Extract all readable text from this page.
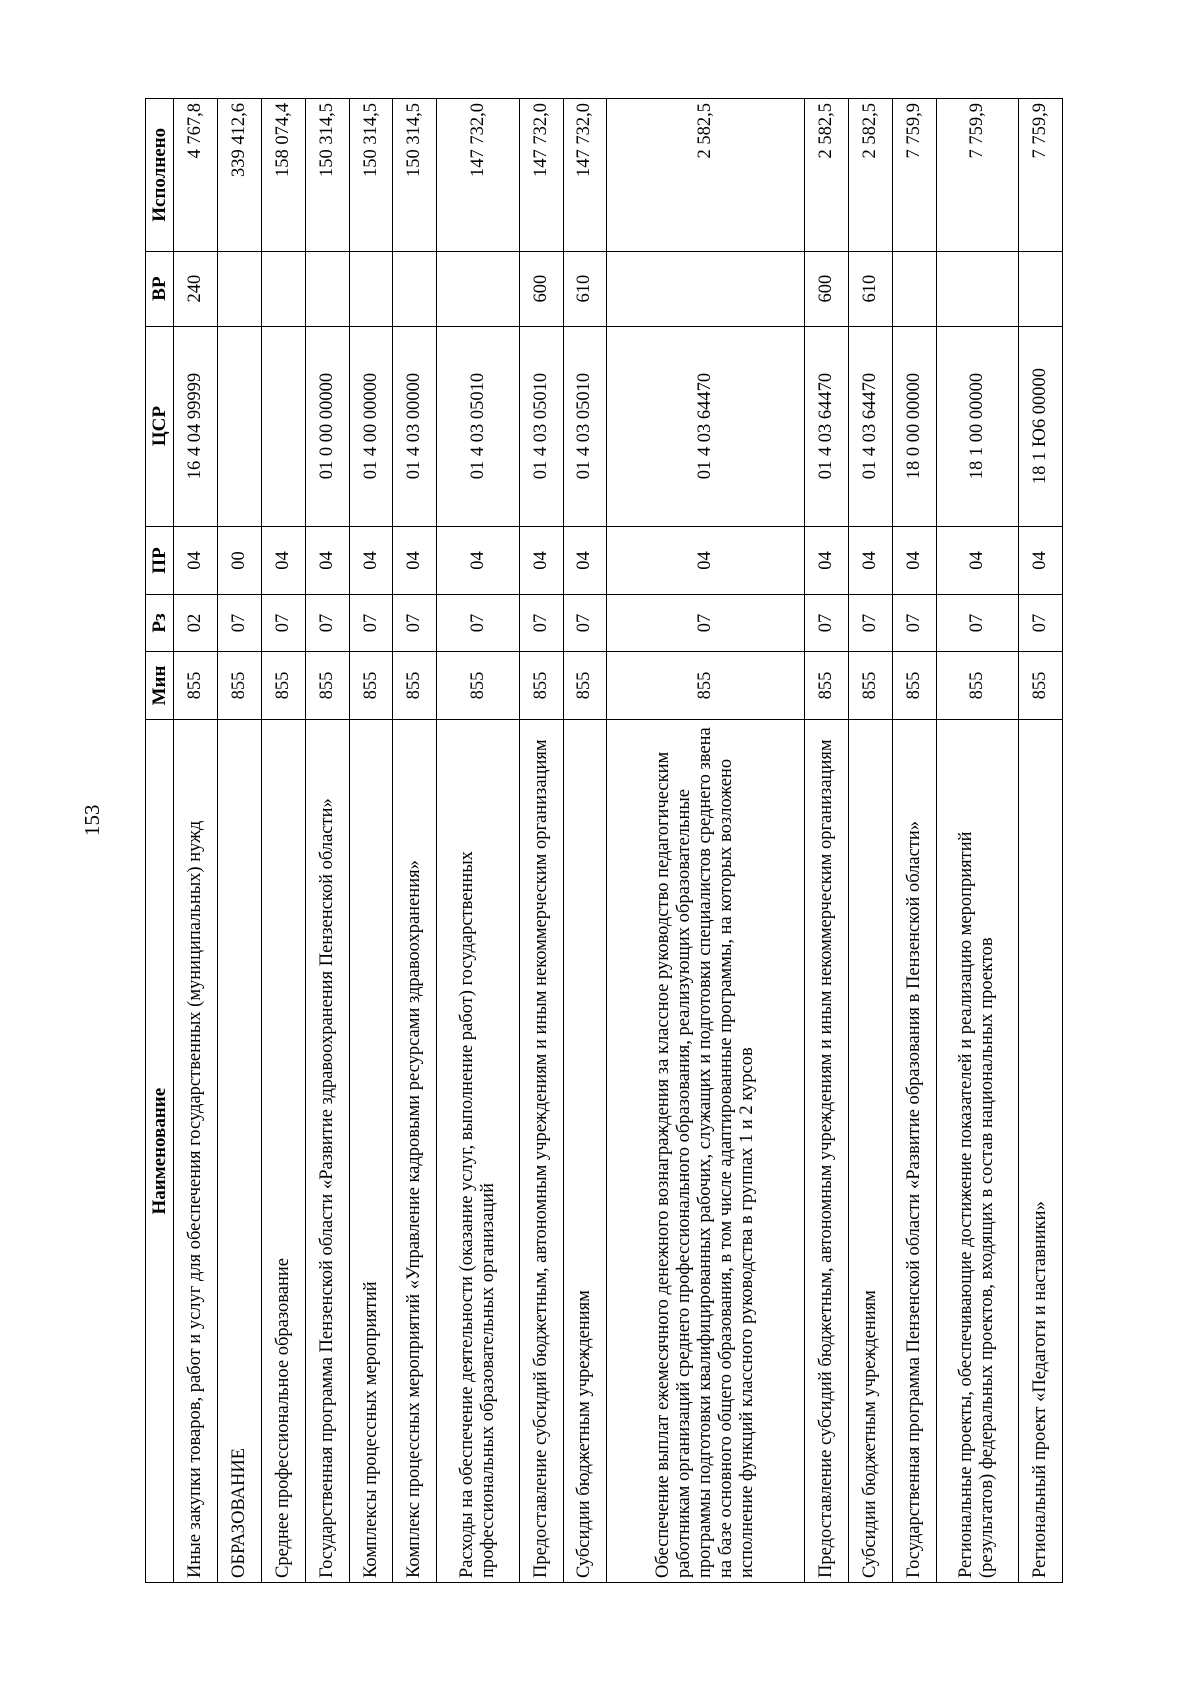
153
Наименование	Мин	Рз	ПР	ЦСР	ВР	Исполнено
Иные закупки товаров, работ и услуг для обеспечения государственных (муниципальных) нужд	855	02	04	16 4 04 99999	240	4 767,8
ОБРАЗОВАНИЕ	855	07	00			339 412,6
Среднее профессиональное образование	855	07	04			158 074,4
Государственная программа Пензенской области «Развитие здравоохранения Пензенской области»	855	07	04	01 0 00 00000		150 314,5
Комплексы процессных мероприятий	855	07	04	01 4 00 00000		150 314,5
Комплекс процессных мероприятий «Управление кадровыми ресурсами здравоохранения»	855	07	04	01 4 03 00000		150 314,5
Расходы на обеспечение деятельности (оказание услуг, выполнение работ) государственных профессиональных образовательных организаций	855	07	04	01 4 03 05010		147 732,0
Предоставление субсидий бюджетным, автономным учреждениям и иным некоммерческим организациям	855	07	04	01 4 03 05010	600	147 732,0
Субсидии бюджетным учреждениям	855	07	04	01 4 03 05010	610	147 732,0
Обеспечение выплат ежемесячного денежного вознаграждения за классное руководство педагогическим работникам организаций среднего профессионального образования, реализующих образовательные программы подготовки квалифицированных рабочих, служащих и подготовки специалистов среднего звена на базе основного общего образования, в том числе адаптированные программы, на которых возложено исполнение функций классного руководства в группах 1 и 2 курсов	855	07	04	01 4 03 64470		2 582,5
Предоставление субсидий бюджетным, автономным учреждениям и иным некоммерческим организациям	855	07	04	01 4 03 64470	600	2 582,5
Субсидии бюджетным учреждениям	855	07	04	01 4 03 64470	610	2 582,5
Государственная программа Пензенской области «Развитие образования в Пензенской области»	855	07	04	18 0 00 00000		7 759,9
Региональные проекты, обеспечивающие достижение показателей и реализацию мероприятий (результатов) федеральных проектов, входящих в состав национальных проектов	855	07	04	18 1 00 00000		7 759,9
Региональный проект «Педагоги и наставники»	855	07	04	18 1 Ю6 00000		7 759,9
